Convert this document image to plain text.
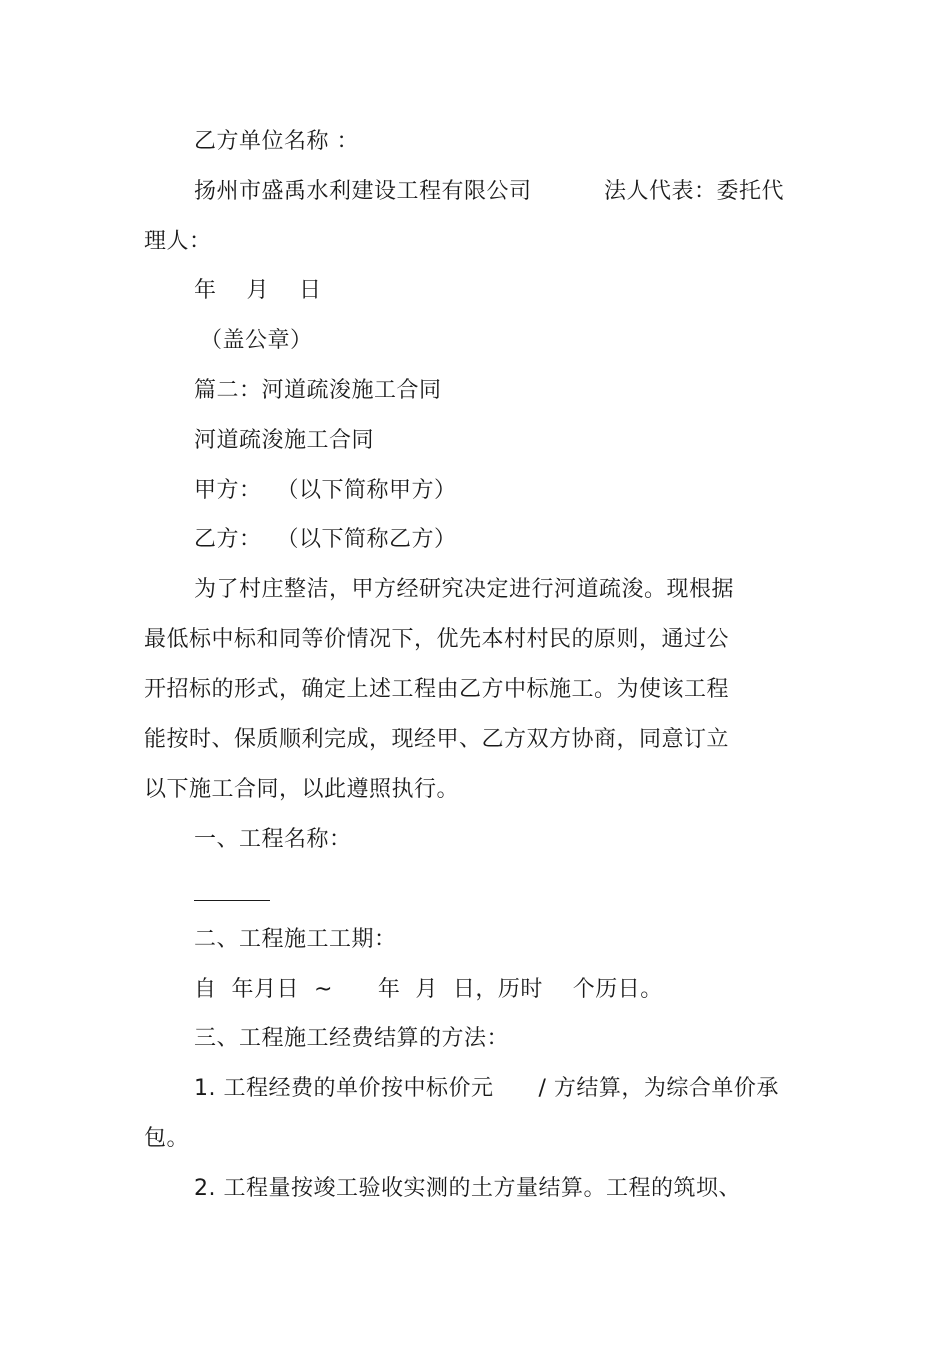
乙方单位名称 ：
扬州市盛禹水利建设工程有限公司	法人代表：委托代
理人：
年    月    日
（盖公章）
篇二：河道疏浚施工合同
河道疏浚施工合同
甲方：  （以下简称甲方）
乙方：  （以下简称乙方）
为了村庄整洁，甲方经研究决定进行河道疏浚。现根据
最低标中标和同等价情况下，优先本村村民的原则，通过公
开招标的形式，确定上述工程由乙方中标施工。为使该工程
能按时、保质顺利完成，现经甲、乙方双方协商，同意订立
以下施工合同，以此遵照执行。
一、工程名称：
二、工程施工工期：
自  年月日  ~      年  月  日，历时    个历日。
三、工程施工经费结算的方法：
1. 工程经费的单价按中标价元      / 方结算，为综合单价承
包。
2. 工程量按竣工验收实测的土方量结算。工程的筑坝、
